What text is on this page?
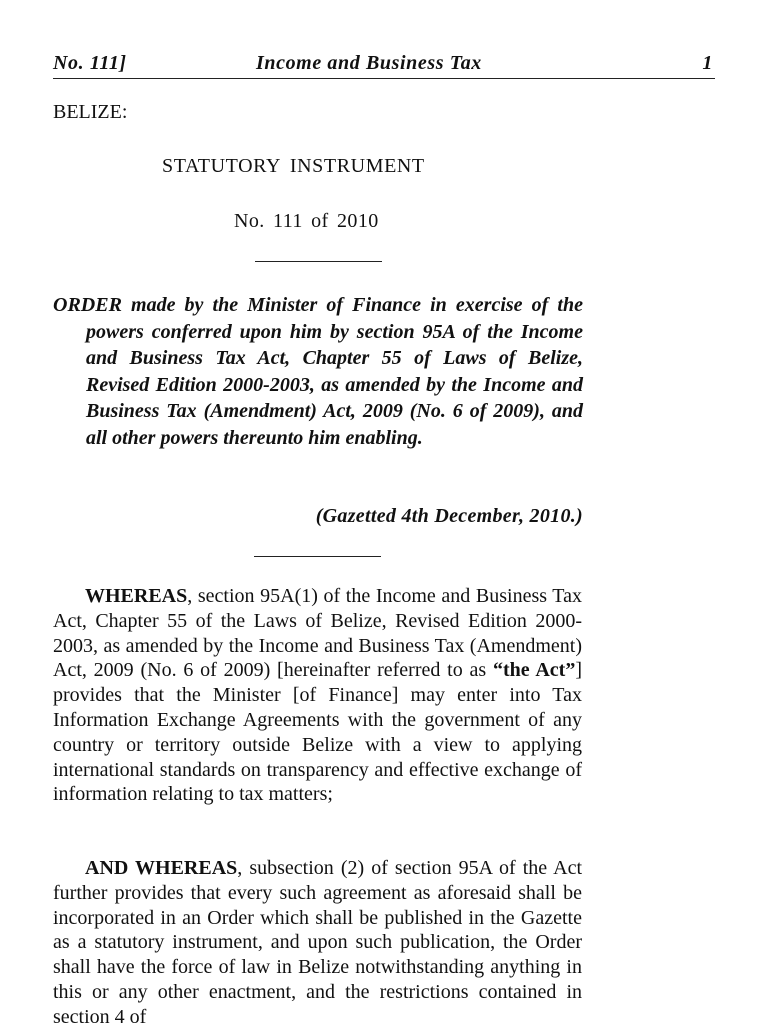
No. 111]	Income and Business Tax	1
BELIZE:
STATUTORY INSTRUMENT
No. 111 of 2010
ORDER made by the Minister of Finance in exercise of the powers conferred upon him by section 95A of the Income and Business Tax Act, Chapter 55 of Laws of Belize, Revised Edition 2000-2003, as amended by the Income and Business Tax (Amendment) Act, 2009 (No. 6 of 2009), and all other powers thereunto him enabling.
(Gazetted 4th December, 2010.)
WHEREAS, section 95A(1) of the Income and Business Tax Act, Chapter 55 of the Laws of Belize, Revised Edition 2000-2003, as amended by the Income and Business Tax (Amendment) Act, 2009 (No. 6 of 2009) [hereinafter referred to as “the Act”] provides that the Minister [of Finance] may enter into Tax Information Exchange Agreements with the government of any country or territory outside Belize with a view to applying international standards on transparency and effective exchange of information relating to tax matters;
AND WHEREAS, subsection (2) of section 95A of the Act further provides that every such agreement as aforesaid shall be incorporated in an Order which shall be published in the Gazette as a statutory instrument, and upon such publication, the Order shall have the force of law in Belize notwithstanding anything in this or any other enactment, and the restrictions contained in section 4 of
